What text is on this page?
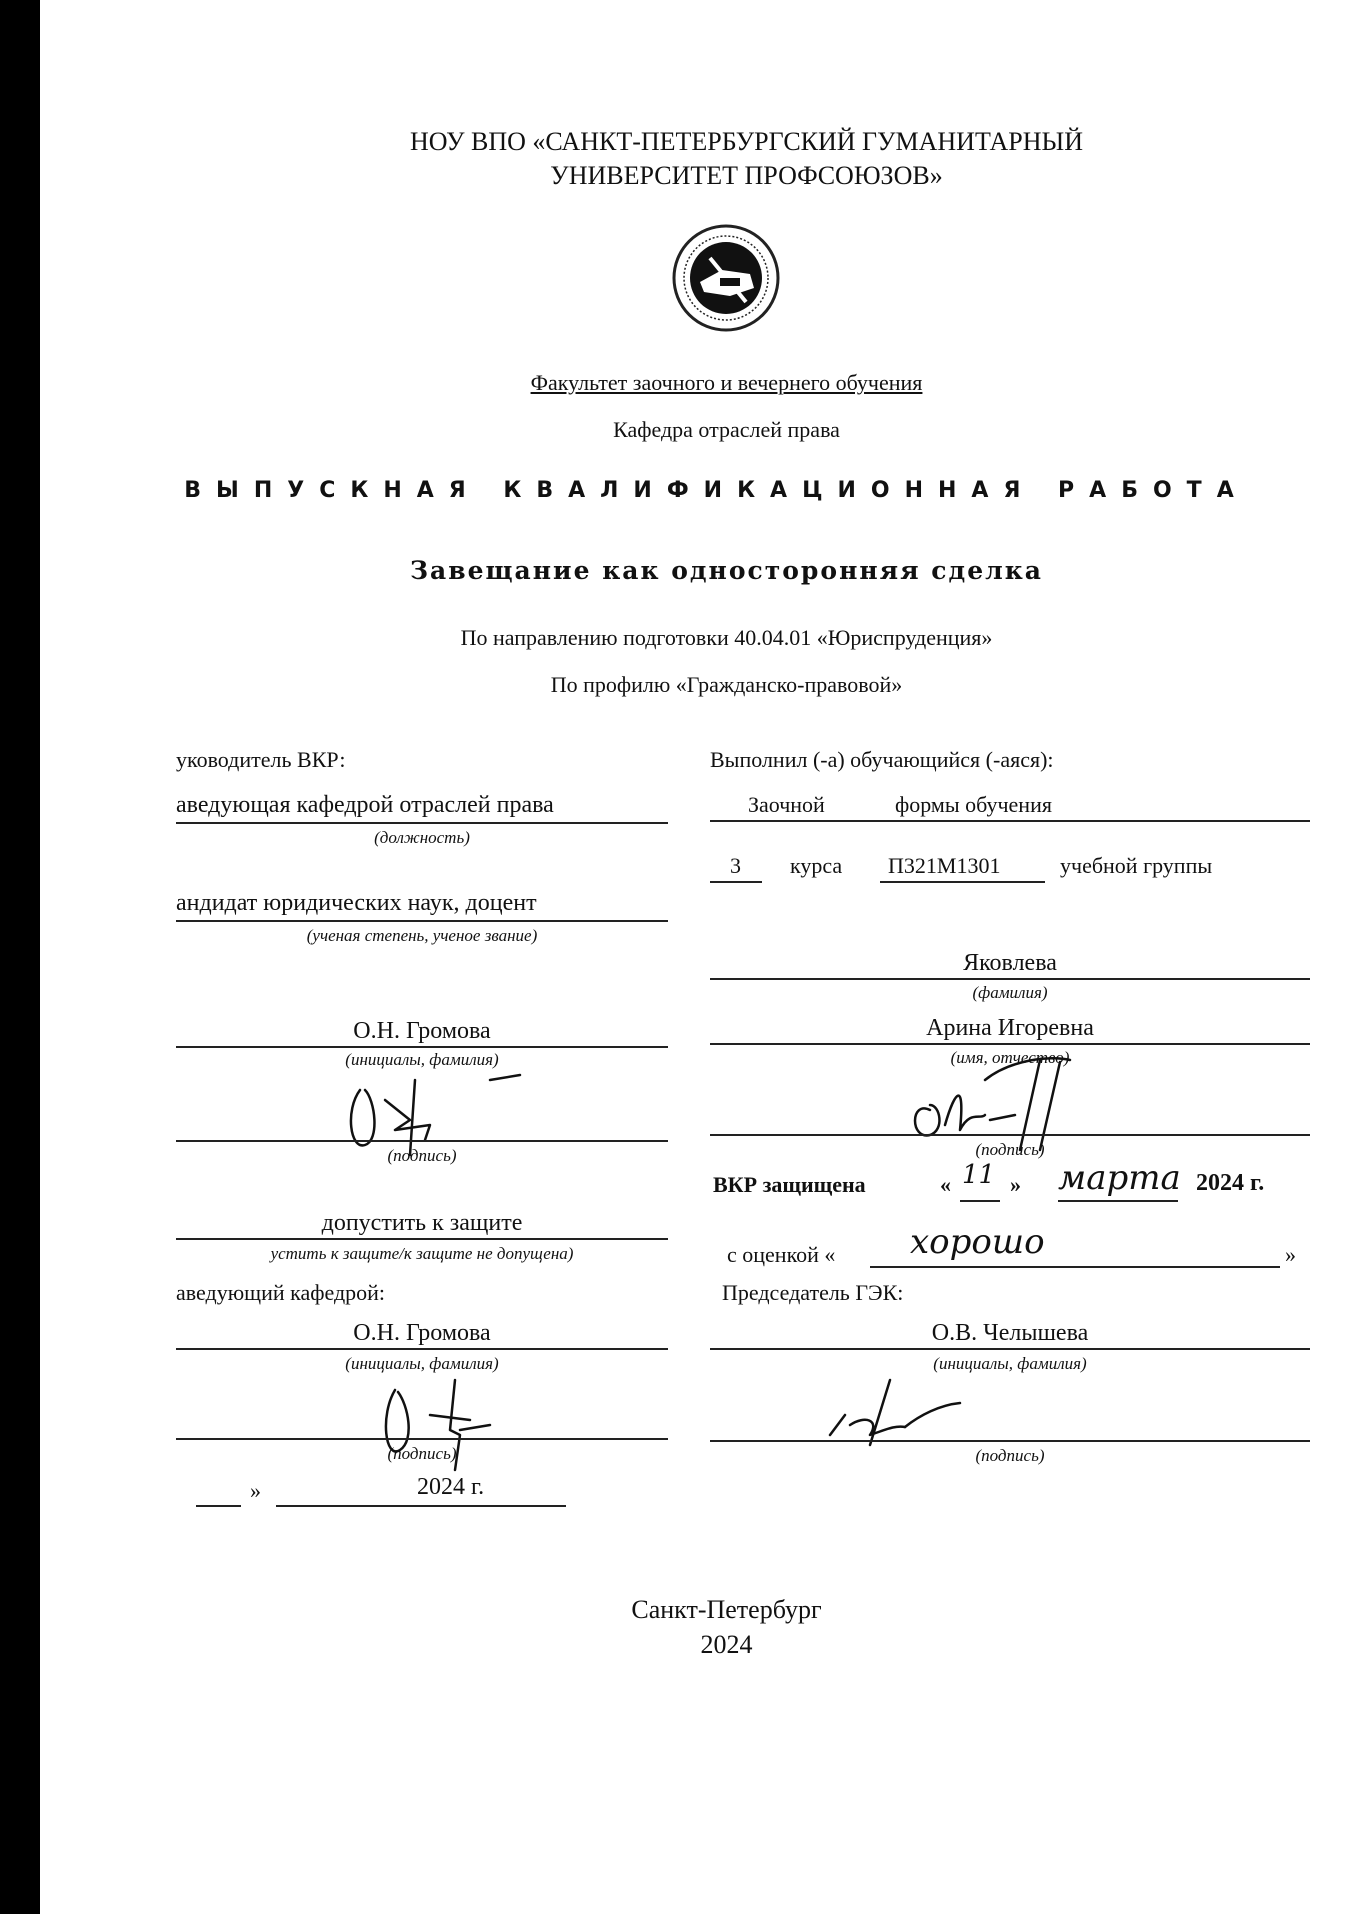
НОУ ВПО «САНКТ-ПЕТЕРБУРГСКИЙ ГУМАНИТАРНЫЙ
УНИВЕРСИТЕТ ПРОФСОЮЗОВ»
Факультет заочного и вечернего обучения
Кафедра отраслей права
ВЫПУСКНАЯ КВАЛИФИКАЦИОННАЯ РАБОТА
Завещание как односторонняя сделка
По направлению подготовки 40.04.01 «Юриспруденция»
По профилю «Гражданско-правовой»
уководитель ВКР:
аведующая кафедрой отраслей права
(должность)
андидат юридических наук, доцент
(ученая степень, ученое звание)
О.Н. Громова
(инициалы, фамилия)
(подпись)
допустить к защите
устить к защите/к защите не допущена)
аведующий кафедрой:
О.Н. Громова
(инициалы, фамилия)
(подпись)
»	2024 г.
Выполнил (-а) обучающийся (-аяся):
Заочной	формы обучения
3 курса П321М1301	учебной группы
Яковлева
(фамилия)
Арина Игоревна
(имя, отчество)
(подпись)
ВКР защищена	« 11 » марта 2024 г.
с оценкой « хорошо	»
Председатель ГЭК:
О.В. Челышева
(инициалы, фамилия)
(подпись)
Санкт-Петербург
2024
